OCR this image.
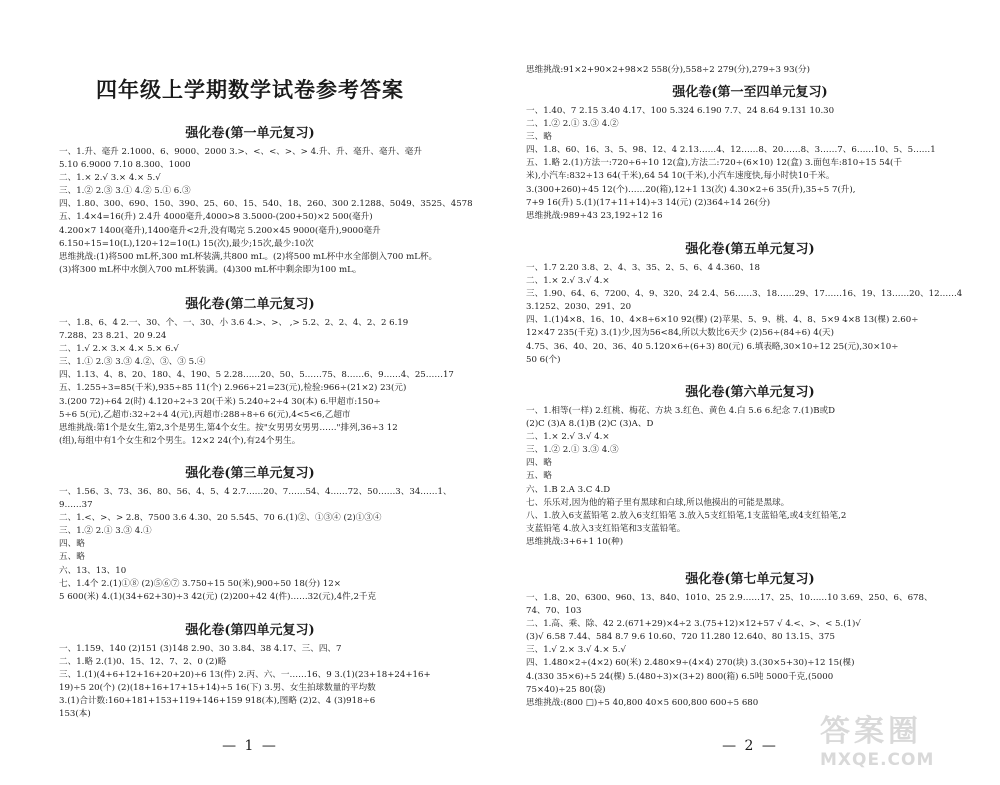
四年级上学期数学试卷参考答案
强化卷(第一单元复习)
一、1.升、毫升 2.1000、6、9000、2000 3.>、<、<、>、> 4.升、升、毫升、毫升、毫升
5.10 6.9000 7.10 8.300、1000
二、1.× 2.√ 3.× 4.× 5.√
三、1.② 2.③ 3.① 4.② 5.① 6.③
四、1.80、300、690、150、390、25、60、15、540、18、260、300 2.1288、5049、3525、4578
五、1.4×4=16(升) 2.4升 4000毫升,4000>8 3.5000-(200+50)×2 500(毫升)
4.200×7 1400(毫升),1400毫升<2升,没有喝完 5.200×45 9000(毫升),9000毫升
6.150÷15=10(L),120÷12=10(L) 15(次),最少;15次,最少:10次
思维挑战:(1)将500 mL杯,300 mL杯装满,共800 mL。(2)将500 mL杯中水全部倒入700 mL杯。
(3)将300 mL杯中水倒入700 mL杯装满。(4)300 mL杯中剩余即为100 mL。
强化卷(第二单元复习)
一、1.8、6、4 2.一、30、个、一、30、小 3.6 4.>、>、 ,> 5.2、2、2、4、2、2 6.19
7.288、23 8.21、20 9.24
二、1.√ 2.× 3.× 4.× 5.× 6.√
三、1.① 2.③ 3.③ 4.②、③、③ 5.④
四、1.13、4、8、20、180、4、190、5 2.28……20、50、5……75、8……6、9……4、25……17
五、1.255÷3=85(千米),935÷85 11(个) 2.966÷21=23(元),检验:966÷(21×2) 23(元)
3.(200 72)÷64 2(时) 4.120÷2÷3 20(千米) 5.240÷2÷4 30(本) 6.甲超市:150÷
5÷6 5(元),乙超市:32÷2÷4 4(元),丙超市:288÷8÷6 6(元),4<5<6,乙超市
思维挑战:第1个是女生,第2,3个是男生,第4个女生。按"女男男女男男……"排列,36÷3 12
(组),每组中有1个女生和2个男生。12×2 24(个),有24个男生。
强化卷(第三单元复习)
一、1.56、3、73、36、80、56、4、5、4 2.7……20、7……54、4……72、50……3、34……1、
9……37
二、1.<、>、> 2.8、7500 3.6 4.30、20 5.545、70 6.(1)②、①③④ (2)①③④
三、1.② 2.① 3.③ 4.①
四、略
五、略
六、13、13、10
七、1.4个 2.(1)①⑧ (2)⑤⑥⑦ 3.750÷15 50(米),900÷50 18(分) 12×
5 600(米) 4.(1)(34+62+30)÷3 42(元) (2)200÷42 4(件)……32(元),4件,2千克
强化卷(第四单元复习)
一、1.159、140 (2)151 (3)148 2.90、30 3.84、38 4.17、三、四、7
二、1.略 2.(1)0、15、12、7、2、0 (2)略
三、1.(1)(4+6+12+16+20+20)÷6 13(件) 2.丙、六、一……16、9 3.(1)(23+18+24+16+
19)÷5 20(个) (2)(18+16+17+15+14)÷5 16(下) 3.男、女生拍球数量的平均数
3.(1)合计数:160+181+153+119+146+159 918(本),图略 (2)2、4 (3)918÷6
153(本)
— 1 —
思维挑战:91×2+90×2+98×2 558(分),558÷2 279(分),279÷3 93(分)
强化卷(第一至四单元复习)
一、1.40、7 2.15 3.40 4.17、100 5.324 6.190 7.7、24 8.64 9.131 10.30
二、1.② 2.① 3.③ 4.②
三、略
四、1.8、60、16、3、5、98、12、4 2.13……4、12……8、20……8、3……7、6……10、5、5……1
五、1.略 2.(1)方法一:720÷6÷10 12(盒),方法二:720÷(6×10) 12(盒) 3.面包车:810÷15 54(千
米),小汽车:832÷13 64(千米),64 54 10(千米),小汽车速度快,每小时快10千米。
3.(300+260)÷45 12(个)……20(箱),12+1 13(次) 4.30×2÷6 35(升),35÷5 7(升),
7+9 16(升) 5.(1)(17+11+14)÷3 14(元) (2)364÷14 26(分)
思维挑战:989÷43 23,192÷12 16
强化卷(第五单元复习)
一、1.7 2.20 3.8、2、4、3、35、2、5、6、4 4.360、18
二、1.× 2.√ 3.√ 4.×
三、1.90、64、6、7200、4、9、320、24 2.4、56……3、18……29、17……16、19、13……20、12……4
3.1252、2030、291、20
四、1.(1)4×8、16、10、4×8÷6×10 92(棵) (2)苹果、5、9、桃、4、8、5×9 4×8 13(棵) 2.60÷
12×47 235(千克) 3.(1)少,因为56<84,所以大数比6天少 (2)56÷(84÷6) 4(天)
4.75、36、40、20、36、40 5.120×6÷(6+3) 80(元) 6.填表略,30×10÷12 25(元),30×10÷
50 6(个)
强化卷(第六单元复习)
一、1.相等(一样) 2.红桃、梅花、方块 3.红色、黄色 4.白 5.6 6.纪念 7.(1)B或D
(2)C (3)A 8.(1)B (2)C (3)A、D
二、1.× 2.√ 3.√ 4.×
三、1.② 2.① 3.③ 4.③
四、略
五、略
六、1.B 2.A 3.C 4.D
七、乐乐对,因为他的箱子里有黑球和白球,所以他摸出的可能是黑球。
八、1.放入6支蓝铅笔 2.放入6支红铅笔 3.放入5支红铅笔,1支蓝铅笔,或4支红铅笔,2
支蓝铅笔 4.放入3支红铅笔和3支蓝铅笔。
思维挑战:3+6+1 10(种)
强化卷(第七单元复习)
一、1.8、20、6300、960、13、840、1010、25 2.9……17、25、10……10 3.69、250、6、678、
74、70、103
二、1.高、乘、除、42 2.(671+29)×4÷2 3.(75+12)×12+57 √ 4.<、>、< 5.(1)√
(3)√ 6.58 7.44、584 8.7 9.6 10.60、720 11.280 12.640、80 13.15、375
三、1.√ 2.× 3.√ 4.× 5.√
四、1.480×2÷(4×2) 60(米) 2.480×9÷(4×4) 270(块) 3.(30×5+30)÷12 15(棵)
4.(330 35×6)÷5 24(棵) 5.(480÷3)×(3+2) 800(箱) 6.5吨 5000千克,(5000
75×40)÷25 80(袋)
思维挑战:(800 □)÷5 40,800 40×5 600,800 600÷5 680
— 2 —	答案圈
MXQE.COM
